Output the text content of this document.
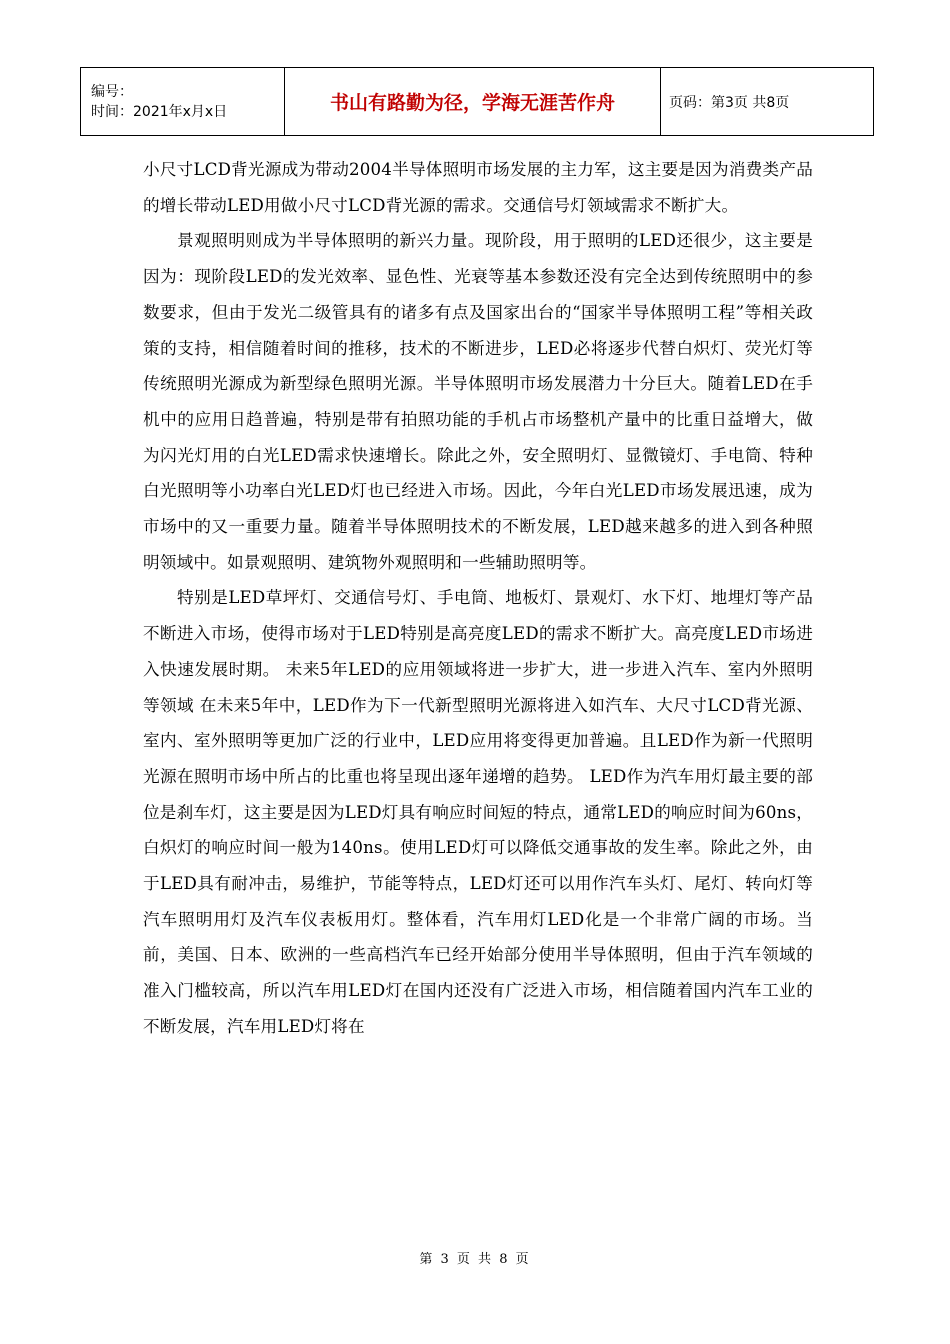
编号：
时间：2021年x月x日	书山有路勤为径，学海无涯苦作舟	页码：第3页 共8页

小尺寸LCD背光源成为带动2004半导体照明市场发展的主力军，这主要是因为消费类产品的增长带动LED用做小尺寸LCD背光源的需求。交通信号灯领域需求不断扩大。

景观照明则成为半导体照明的新兴力量。现阶段，用于照明的LED还很少，这主要是因为：现阶段LED的发光效率、显色性、光衰等基本参数还没有完全达到传统照明中的参数要求，但由于发光二级管具有的诸多有点及国家出台的“国家半导体照明工程”等相关政策的支持，相信随着时间的推移，技术的不断进步，LED必将逐步代替白炽灯、荧光灯等传统照明光源成为新型绿色照明光源。半导体照明市场发展潜力十分巨大。随着LED在手机中的应用日趋普遍，特别是带有拍照功能的手机占市场整机产量中的比重日益增大，做为闪光灯用的白光LED需求快速增长。除此之外，安全照明灯、显微镜灯、手电筒、特种白光照明等小功率白光LED灯也已经进入市场。因此，今年白光LED市场发展迅速，成为市场中的又一重要力量。随着半导体照明技术的不断发展，LED越来越多的进入到各种照明领域中。如景观照明、建筑物外观照明和一些辅助照明等。

特别是LED草坪灯、交通信号灯、手电筒、地板灯、景观灯、水下灯、地埋灯等产品不断进入市场，使得市场对于LED特别是高亮度LED的需求不断扩大。高亮度LED市场进入快速发展时期。 未来5年LED的应用领域将进一步扩大，进一步进入汽车、室内外照明等领域 在未来5年中，LED作为下一代新型照明光源将进入如汽车、大尺寸LCD背光源、室内、室外照明等更加广泛的行业中，LED应用将变得更加普遍。且LED作为新一代照明光源在照明市场中所占的比重也将呈现出逐年递增的趋势。 LED作为汽车用灯最主要的部位是刹车灯，这主要是因为LED灯具有响应时间短的特点，通常LED的响应时间为60ns，白炽灯的响应时间一般为140ns。使用LED灯可以降低交通事故的发生率。除此之外，由于LED具有耐冲击，易维护，节能等特点，LED灯还可以用作汽车头灯、尾灯、转向灯等汽车照明用灯及汽车仪表板用灯。整体看，汽车用灯LED化是一个非常广阔的市场。当前，美国、日本、欧洲的一些高档汽车已经开始部分使用半导体照明，但由于汽车领域的准入门槛较高，所以汽车用LED灯在国内还没有广泛进入市场，相信随着国内汽车工业的不断发展，汽车用LED灯将在

第 3 页 共 8 页
